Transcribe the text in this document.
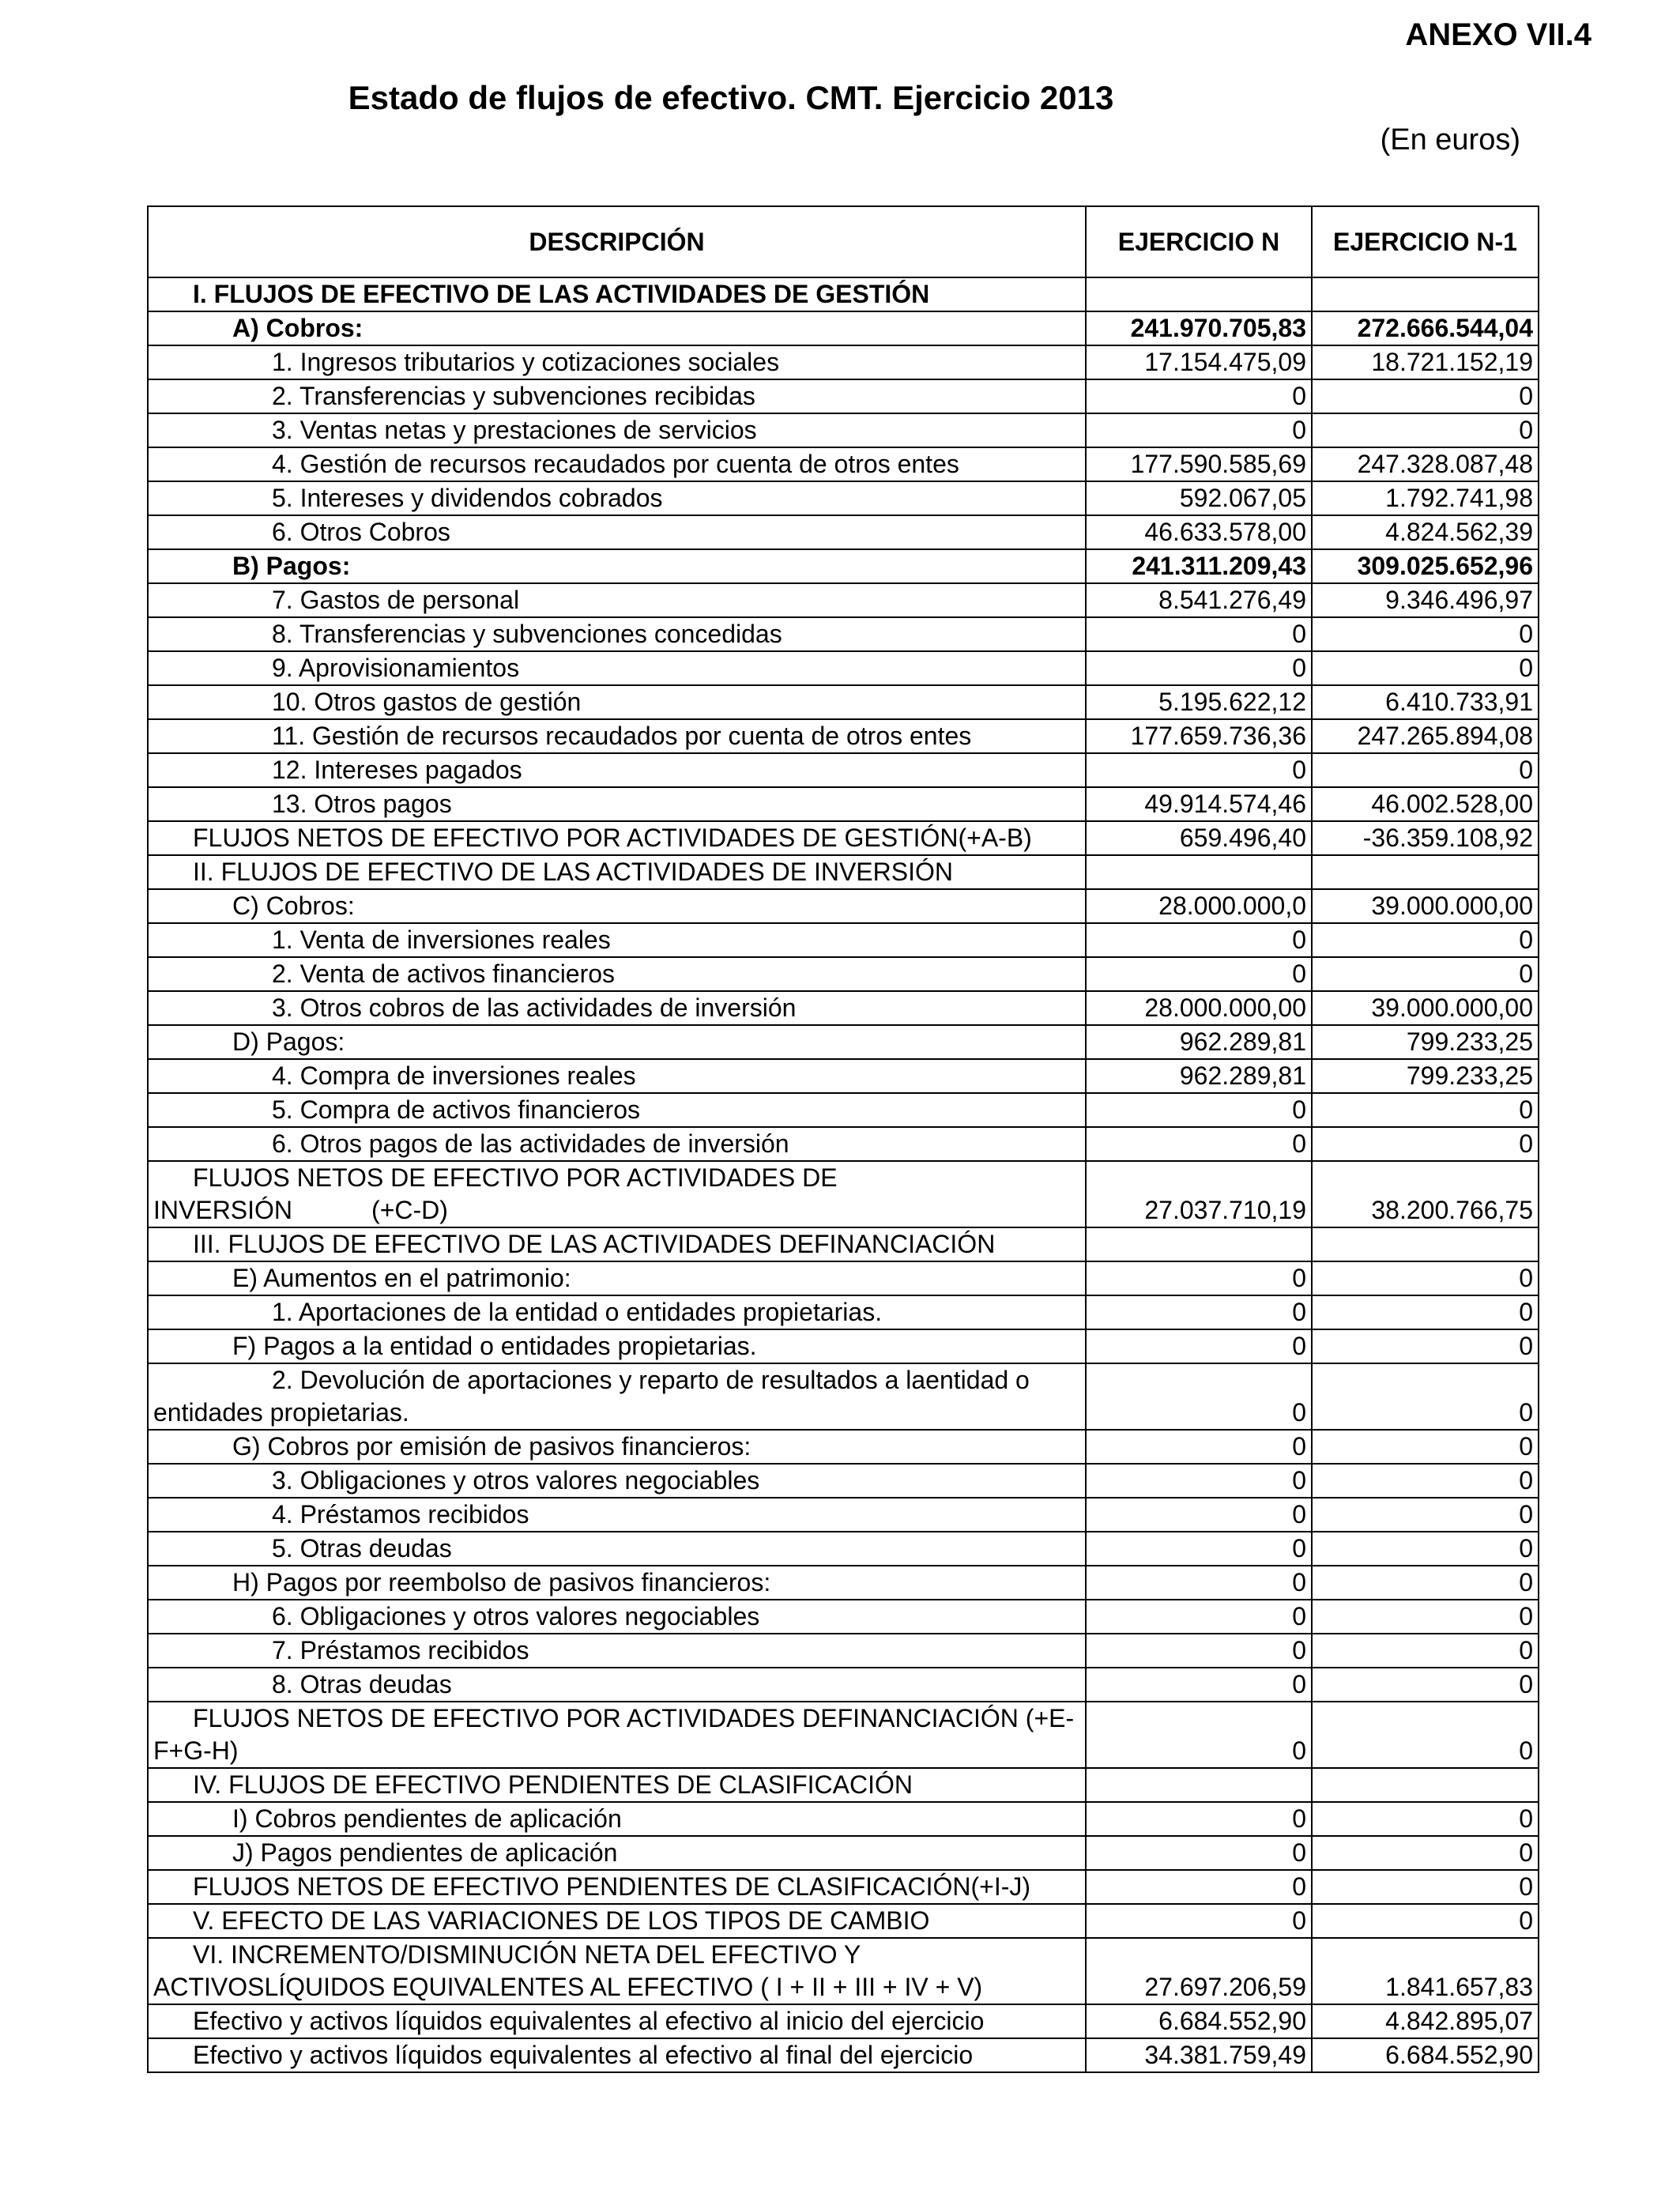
ANEXO VII.4
Estado de flujos de efectivo. CMT. Ejercicio 2013
(En euros)
DESCRIPCIÓN	EJERCICIO N	EJERCICIO N-1
I. FLUJOS DE EFECTIVO DE LAS ACTIVIDADES DE GESTIÓN		
A) Cobros:	241.970.705,83	272.666.544,04
1. Ingresos tributarios y cotizaciones sociales	17.154.475,09	18.721.152,19
2. Transferencias y subvenciones recibidas	0	0
3. Ventas netas y prestaciones de servicios	0	0
4. Gestión de recursos recaudados por cuenta de otros entes	177.590.585,69	247.328.087,48
5. Intereses y dividendos cobrados	592.067,05	1.792.741,98
6. Otros Cobros	46.633.578,00	4.824.562,39
B) Pagos:	241.311.209,43	309.025.652,96
7. Gastos de personal	8.541.276,49	9.346.496,97
8. Transferencias y subvenciones concedidas	0	0
9. Aprovisionamientos	0	0
10. Otros gastos de gestión	5.195.622,12	6.410.733,91
11. Gestión de recursos recaudados por cuenta de otros entes	177.659.736,36	247.265.894,08
12. Intereses pagados	0	0
13. Otros pagos	49.914.574,46	46.002.528,00
FLUJOS NETOS DE EFECTIVO POR ACTIVIDADES DE GESTIÓN(+A-B)	659.496,40	-36.359.108,92
II. FLUJOS DE EFECTIVO DE LAS ACTIVIDADES DE INVERSIÓN		
C) Cobros:	28.000.000,0	39.000.000,00
1. Venta de inversiones reales	0	0
2. Venta de activos financieros	0	0
3. Otros cobros de las actividades de inversión	28.000.000,00	39.000.000,00
D) Pagos:	962.289,81	799.233,25
4. Compra de inversiones reales	962.289,81	799.233,25
5. Compra de activos financieros	0	0
6. Otros pagos de las actividades de inversión	0	0
FLUJOS NETOS DE EFECTIVO POR ACTIVIDADES DE INVERSIÓN (+C-D)	27.037.710,19	38.200.766,75
III. FLUJOS DE EFECTIVO DE LAS ACTIVIDADES DEFINANCIACIÓN		
E) Aumentos en el patrimonio:	0	0
1. Aportaciones de la entidad o entidades propietarias.	0	0
F) Pagos a la entidad o entidades propietarias.	0	0
2. Devolución de aportaciones y reparto de resultados a laentidad o entidades propietarias.	0	0
G) Cobros por emisión de pasivos financieros:	0	0
3. Obligaciones y otros valores negociables	0	0
4. Préstamos recibidos	0	0
5. Otras deudas	0	0
H) Pagos por reembolso de pasivos financieros:	0	0
6. Obligaciones y otros valores negociables	0	0
7. Préstamos recibidos	0	0
8. Otras deudas	0	0
FLUJOS NETOS DE EFECTIVO POR ACTIVIDADES DEFINANCIACIÓN (+E-F+G-H)	0	0
IV. FLUJOS DE EFECTIVO PENDIENTES DE CLASIFICACIÓN		
I) Cobros pendientes de aplicación	0	0
J) Pagos pendientes de aplicación	0	0
FLUJOS NETOS DE EFECTIVO PENDIENTES DE CLASIFICACIÓN(+I-J)	0	0
V. EFECTO DE LAS VARIACIONES DE LOS TIPOS DE CAMBIO	0	0
VI. INCREMENTO/DISMINUCIÓN NETA DEL EFECTIVO Y ACTIVOSLÍQUIDOS EQUIVALENTES AL EFECTIVO ( I + II + III + IV + V)	27.697.206,59	1.841.657,83
Efectivo y activos líquidos equivalentes al efectivo al inicio del ejercicio	6.684.552,90	4.842.895,07
Efectivo y activos líquidos equivalentes al efectivo al final del ejercicio	34.381.759,49	6.684.552,90
